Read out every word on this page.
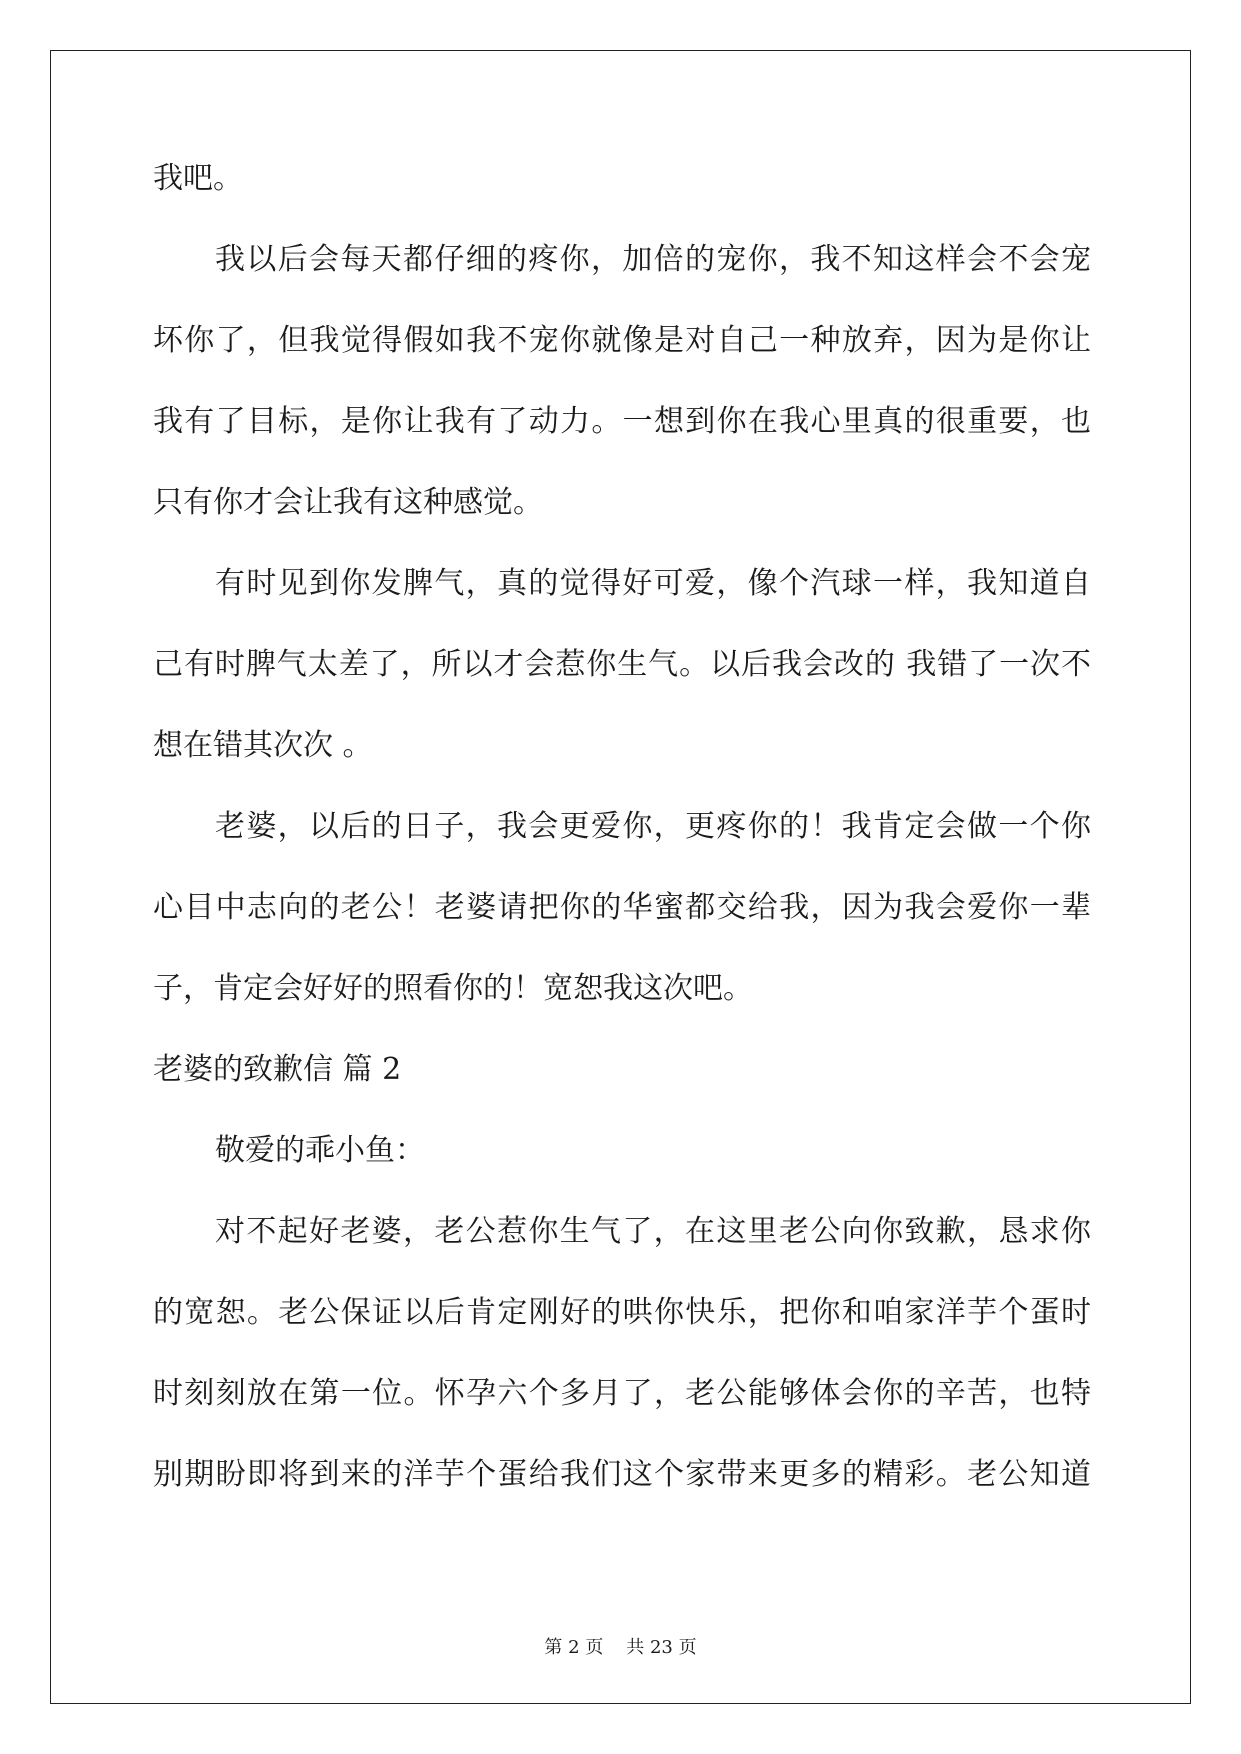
我吧。
我以后会每天都仔细的疼你，加倍的宠你，我不知这样会不会宠
坏你了，但我觉得假如我不宠你就像是对自己一种放弃，因为是你让
我有了目标，是你让我有了动力。一想到你在我心里真的很重要，也
只有你才会让我有这种感觉。
有时见到你发脾气，真的觉得好可爱，像个汽球一样，我知道自
己有时脾气太差了，所以才会惹你生气。以后我会改的 我错了一次不
想在错其次次 。
老婆，以后的日子，我会更爱你，更疼你的！我肯定会做一个你
心目中志向的老公！老婆请把你的华蜜都交给我，因为我会爱你一辈
子，肯定会好好的照看你的！宽恕我这次吧。
老婆的致歉信 篇 2
敬爱的乖小鱼：
对不起好老婆，老公惹你生气了，在这里老公向你致歉，恳求你
的宽恕。老公保证以后肯定刚好的哄你快乐，把你和咱家洋芋个蛋时
时刻刻放在第一位。怀孕六个多月了，老公能够体会你的辛苦，也特
别期盼即将到来的洋芋个蛋给我们这个家带来更多的精彩。老公知道
第 2 页 共 23 页
